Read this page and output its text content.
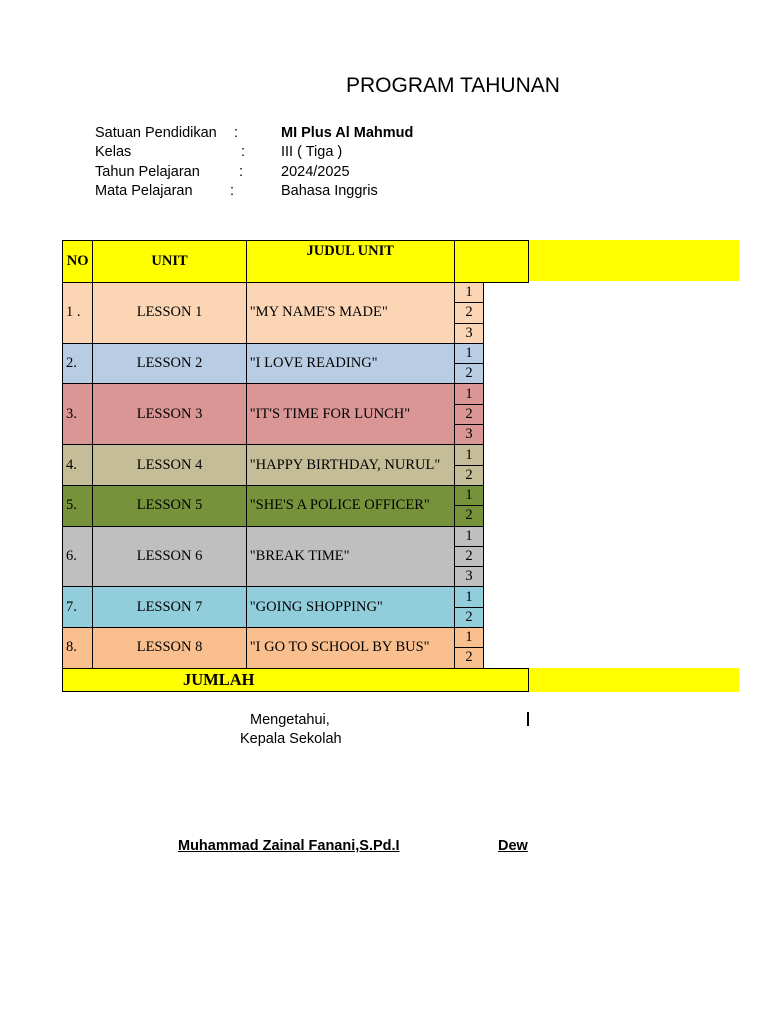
PROGRAM TAHUNAN
Satuan Pendidikan :	MI Plus Al Mahmud
Kelas	: III ( Tiga )
Tahun Pelajaran	:	2024/2025
Mata Pelajaran	:	Bahasa Inggris
NO	UNIT	JUDUL UNIT		
1 .	LESSON 1	"MY NAME'S MADE"	1	
			2	
			3	
2.	LESSON 2	"I LOVE READING"	1	
			2	
3.	LESSON 3	"IT'S TIME FOR LUNCH"	1	
			2	
			3	
4.	LESSON 4	"HAPPY BIRTHDAY, NURUL"	1	
			2	
5.	LESSON 5	"SHE'S A POLICE OFFICER"	1	
			2	
6.	LESSON 6	"BREAK TIME"	1	
			2	
			3	
7.	LESSON 7	"GOING SHOPPING"	1	
			2	
8.	LESSON 8	"I GO TO SCHOOL BY BUS"	1	
			2	
JUMLAH				
Mengetahui,
Kepala Sekolah
Muhammad Zainal Fanani,S.Pd.I	Dew
